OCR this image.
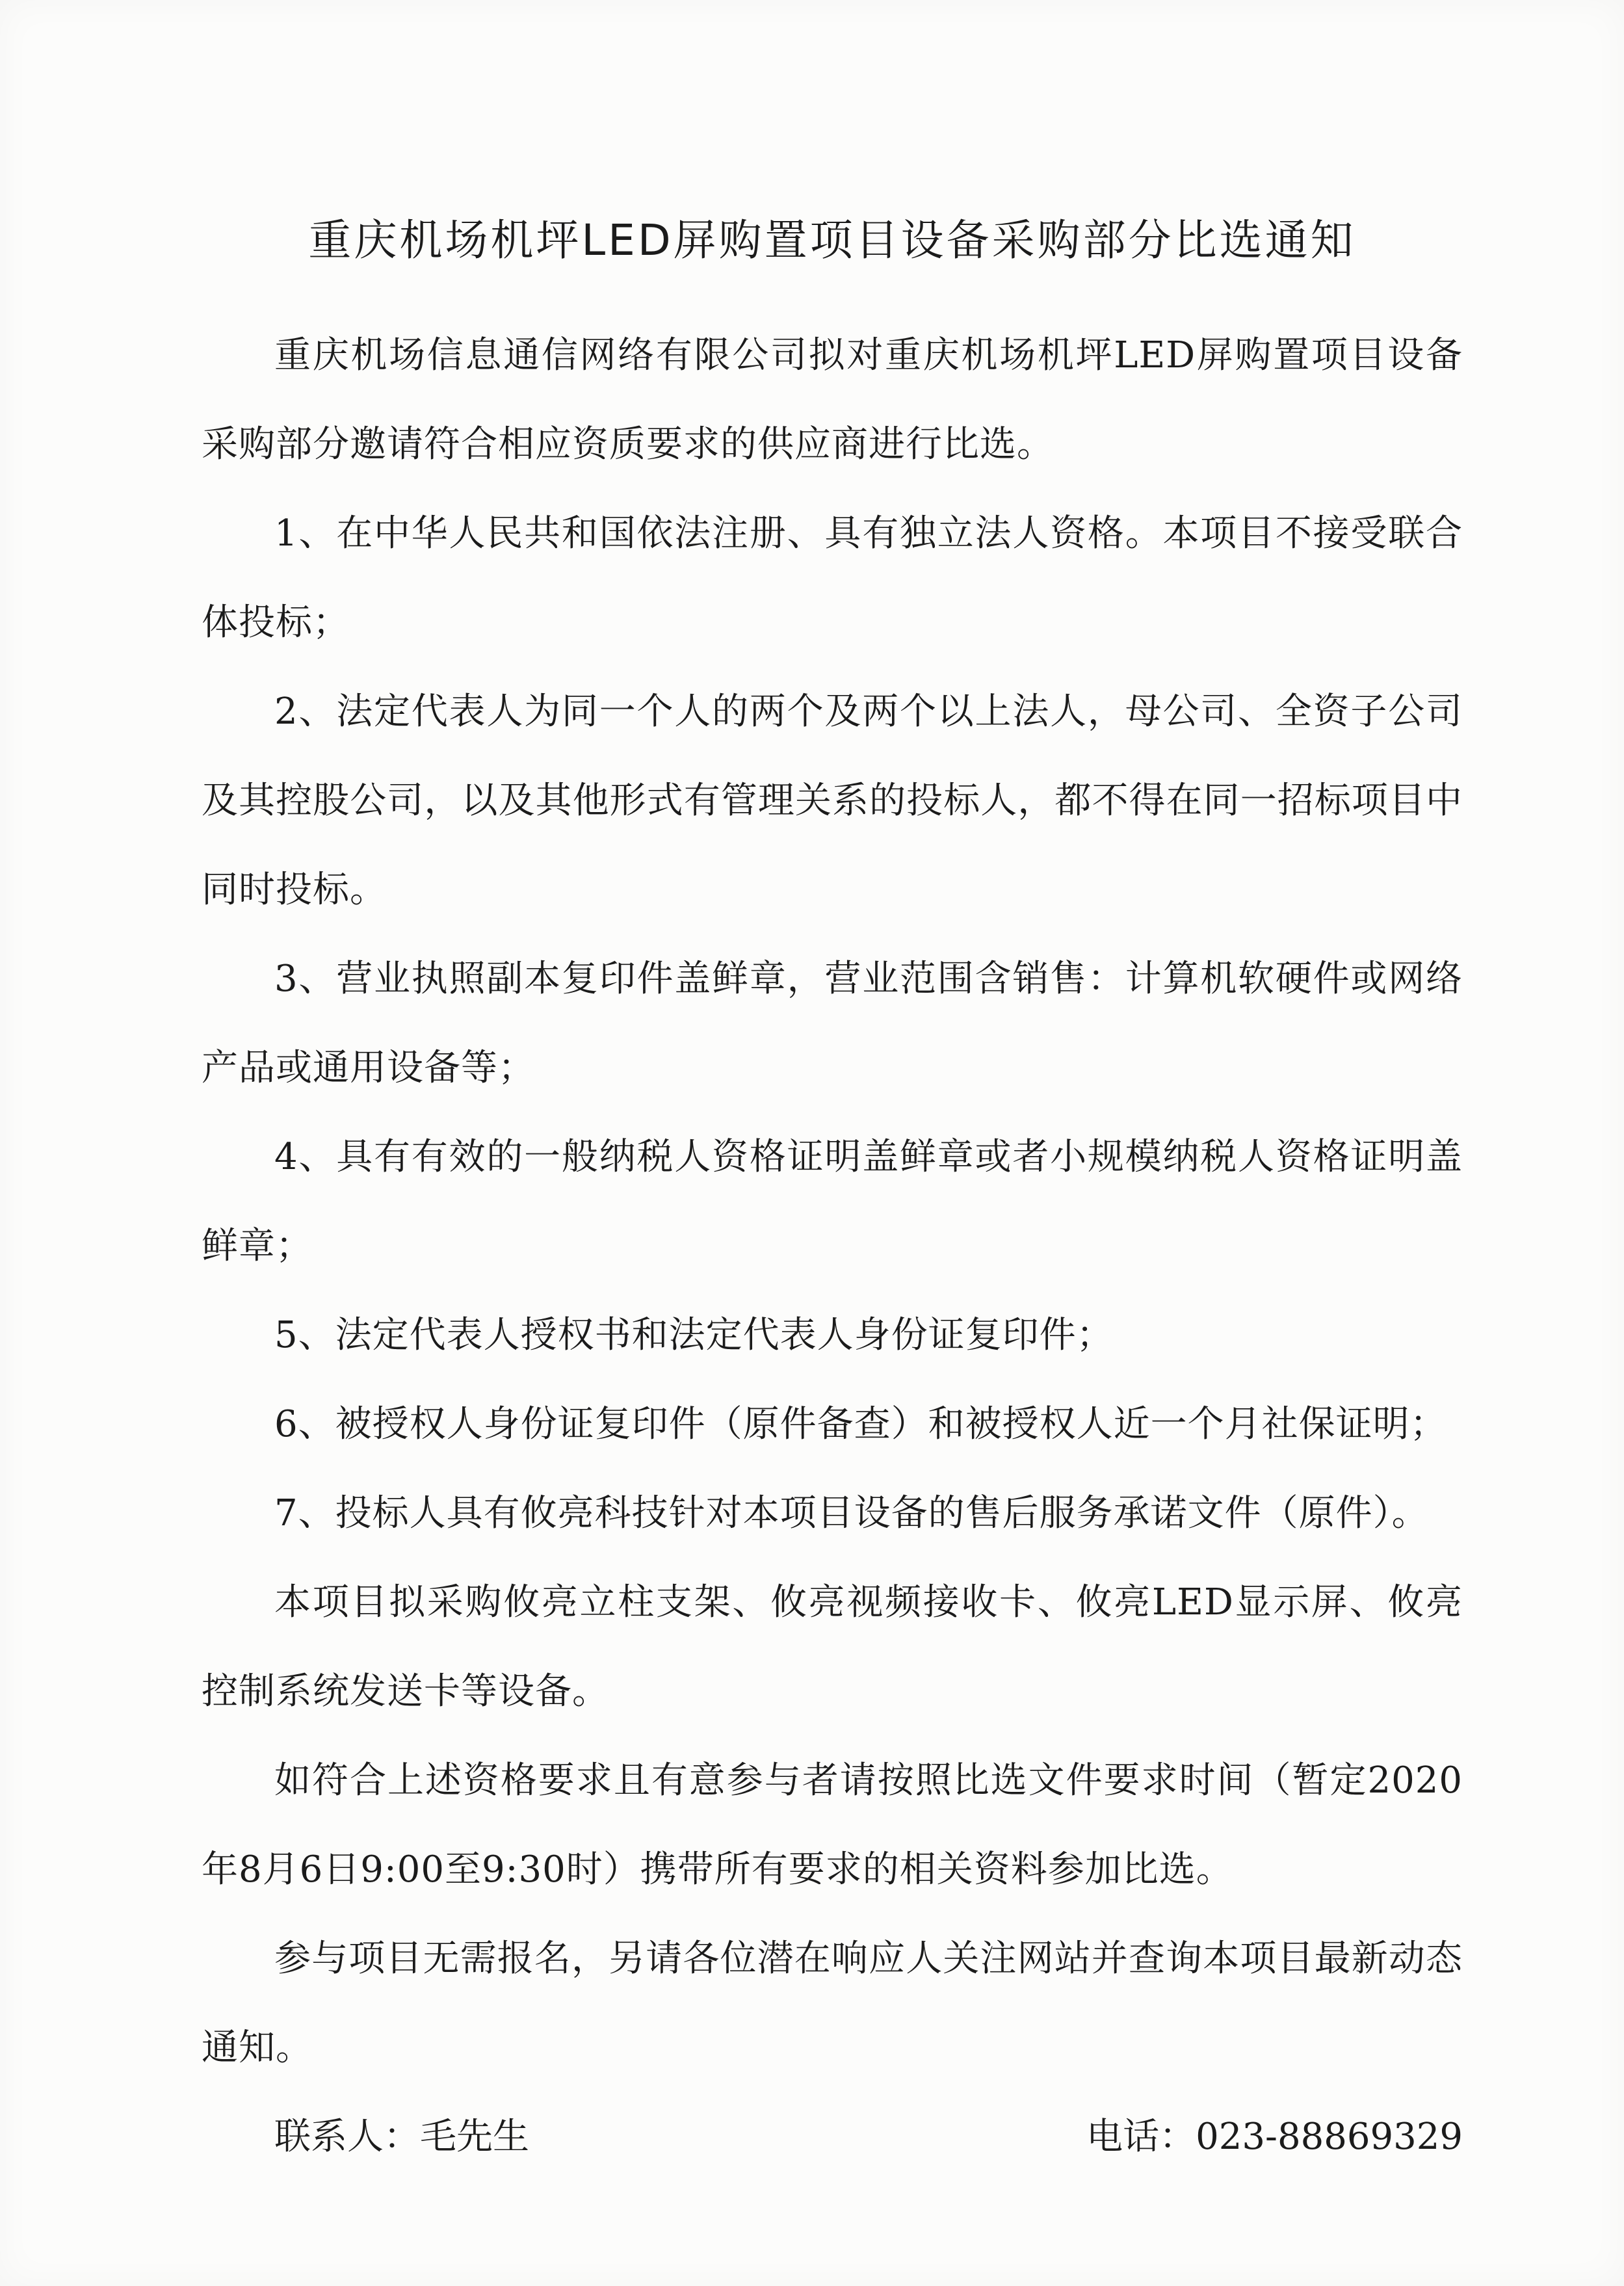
重庆机场机坪LED屏购置项目设备采购部分比选通知

重庆机场信息通信网络有限公司拟对重庆机场机坪LED屏购置项目设备采购部分邀请符合相应资质要求的供应商进行比选。

1、在中华人民共和国依法注册、具有独立法人资格。本项目不接受联合体投标；

2、法定代表人为同一个人的两个及两个以上法人，母公司、全资子公司及其控股公司，以及其他形式有管理关系的投标人，都不得在同一招标项目中同时投标。

3、营业执照副本复印件盖鲜章，营业范围含销售：计算机软硬件或网络产品或通用设备等；

4、具有有效的一般纳税人资格证明盖鲜章或者小规模纳税人资格证明盖鲜章；

5、法定代表人授权书和法定代表人身份证复印件；

6、被授权人身份证复印件（原件备查）和被授权人近一个月社保证明；

7、投标人具有攸亮科技针对本项目设备的售后服务承诺文件（原件）。

本项目拟采购攸亮立柱支架、攸亮视频接收卡、攸亮LED显示屏、攸亮控制系统发送卡等设备。

如符合上述资格要求且有意参与者请按照比选文件要求时间（暂定2020年8月6日9:00至9:30时）携带所有要求的相关资料参加比选。

参与项目无需报名，另请各位潜在响应人关注网站并查询本项目最新动态通知。

联系人：毛先生	电话：023-88869329
